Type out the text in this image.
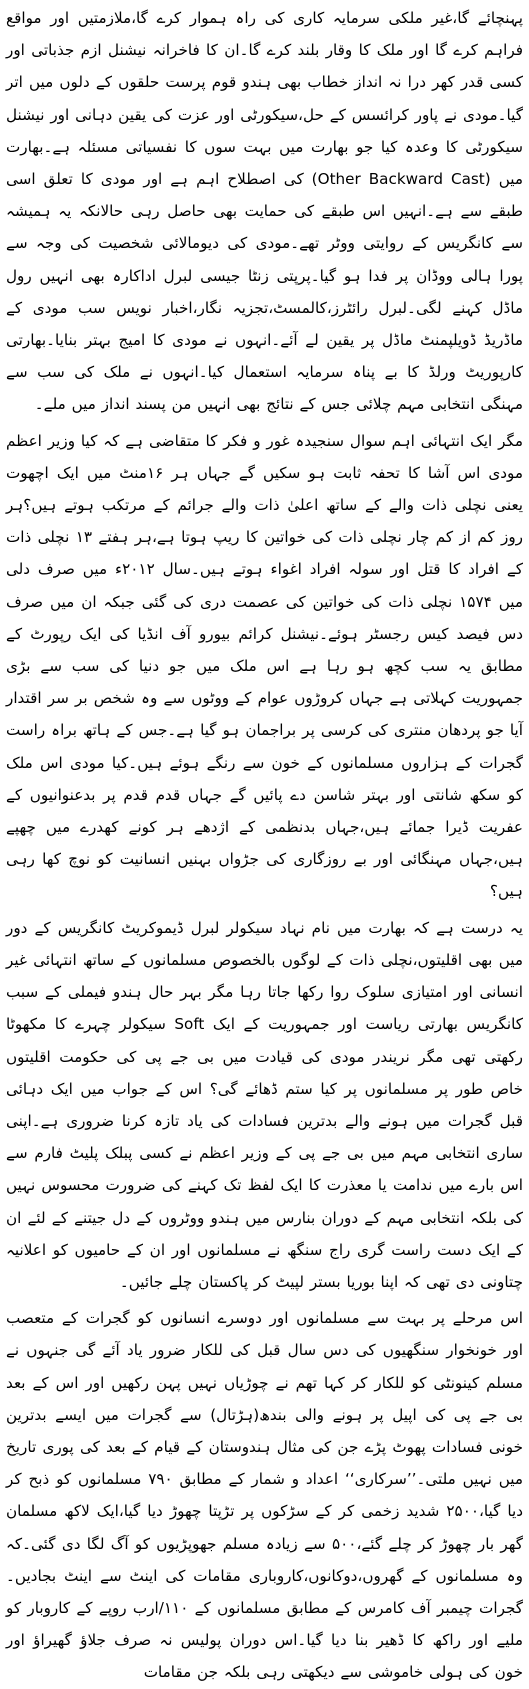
پہنچائے گا،غیر ملکی سرمایہ کاری کی راہ ہموار کرے گا،ملازمتیں اور مواقع فراہم کرے گا اور ملک کا وقار بلند کرے گا۔ان کا فاخرانہ نیشنل ازم جذباتی اور کسی قدر کھر درا نہ انداز خطاب بھی ہندو قوم پرست حلقوں کے دلوں میں اتر گیا۔مودی نے پاور کرائسس کے حل،سیکورٹی اور عزت کی یقین دہانی اور نیشنل سیکورٹی کا وعدہ کیا جو بھارت میں بہت سوں کا نفسیاتی مسئلہ ہے۔بھارت میں (Other Backward Cast) کی اصطلاح اہم ہے اور مودی کا تعلق اسی طبقے سے ہے۔انہیں اس طبقے کی حمایت بھی حاصل رہی حالانکہ یہ ہمیشہ سے کانگریس کے روایتی ووٹر تھے۔مودی کی دیومالائی شخصیت کی وجہ سے پورا ہالی ووڈان پر فدا ہو گیا۔پرپتی زنٹا جیسی لبرل اداکارہ بھی انہیں رول ماڈل کہنے لگی۔لبرل رائٹرز،کالمسٹ،تجزیہ نگار،اخبار نویس سب مودی کے ماڈریڈ ڈویلپمنٹ ماڈل پر یقین لے آئے۔انہوں نے مودی کا امیج بہتر بنایا۔بھارتی کارپوریٹ ورلڈ کا بے پناہ سرمایہ استعمال کیا۔انہوں نے ملک کی سب سے مہنگی انتخابی مہم چلائی جس کے نتائج بھی انہیں من پسند انداز میں ملے۔

مگر ایک انتہائی اہم سوال سنجیدہ غور و فکر کا متقاضی ہے کہ کیا وزیر اعظم مودی اس آشا کا تحفہ ثابت ہو سکیں گے جہاں ہر ۱۶منٹ میں ایک اچھوت یعنی نچلی ذات والے کے ساتھ اعلیٰ ذات والے جرائم کے مرتکب ہوتے ہیں؟ہر روز کم از کم چار نچلی ذات کی خواتین کا ریپ ہوتا ہے،ہر ہفتے ۱۳ نچلی ذات کے افراد کا قتل اور سولہ افراد اغواء ہوتے ہیں۔سال ۲۰۱۲ء میں صرف دلی میں ۱۵۷۴ نچلی ذات کی خواتین کی عصمت دری کی گئی جبکہ ان میں صرف دس فیصد کیس رجسٹر ہوئے۔نیشنل کرائم بیورو آف انڈیا کی ایک رپورٹ کے مطابق یہ سب کچھ ہو رہا ہے اس ملک میں جو دنیا کی سب سے بڑی جمہوریت کہلاتی ہے جہاں کروڑوں عوام کے ووٹوں سے وہ شخص بر سر اقتدار آیا جو پردھان منتری کی کرسی پر براجمان ہو گیا ہے۔جس کے ہاتھ براہ راست گجرات کے ہزاروں مسلمانوں کے خون سے رنگے ہوئے ہیں۔کیا مودی اس ملک کو سکھ شانتی اور بہتر شاسن دے پائیں گے جہاں قدم قدم پر بدعنوانیوں کے عفریت ڈیرا جمائے ہیں،جہاں بدنظمی کے اژدھے ہر کونے کھدرے میں چھپے ہیں،جہاں مہنگائی اور بے روزگاری کی جڑواں بہنیں انسانیت کو نوچ کھا رہی ہیں؟

یہ درست ہے کہ بھارت میں نام نہاد سیکولر لبرل ڈیموکریٹ کانگریس کے دور میں بھی اقلیتوں،نچلی ذات کے لوگوں بالخصوص مسلمانوں کے ساتھ انتہائی غیر انسانی اور امتیازی سلوک روا رکھا جاتا رہا مگر بہر حال ہندو فیملی کے سبب کانگریس بھارتی ریاست اور جمہوریت کے ایک Soft سیکولر چہرے کا مکھوٹا رکھتی تھی مگر نریندر مودی کی قیادت میں بی جے پی کی حکومت اقلیتوں خاص طور پر مسلمانوں پر کیا ستم ڈھائے گی؟ اس کے جواب میں ایک دہائی قبل گجرات میں ہونے والے بدترین فسادات کی یاد تازہ کرنا ضروری ہے۔اپنی ساری انتخابی مہم میں بی جے پی کے وزیر اعظم نے کسی پبلک پلیٹ فارم سے اس بارے میں ندامت یا معذرت کا ایک لفظ تک کہنے کی ضرورت محسوس نہیں کی بلکہ انتخابی مہم کے دوران بنارس میں ہندو ووٹروں کے دل جیتنے کے لئے ان کے ایک دست راست گری راج سنگھ نے مسلمانوں اور ان کے حامیوں کو اعلانیہ چتاونی دی تھی کہ اپنا بوریا بستر لپیٹ کر پاکستان چلے جائیں۔

اس مرحلے پر بہت سے مسلمانوں اور دوسرے انسانوں کو گجرات کے متعصب اور خونخوار سنگھیوں کی دس سال قبل کی للکار ضرور یاد آئے گی جنہوں نے مسلم کینونٹی کو للکار کر کہا تھم نے چوڑیاں نہیں پہن رکھیں اور اس کے بعد بی جے پی کی اپیل پر ہونے والی بندھ(ہڑتال) سے گجرات میں ایسے بدترین خونی فسادات پھوٹ پڑے جن کی مثال ہندوستان کے قیام کے بعد کی پوری تاریخ میں نہیں ملتی۔’’سرکاری‘‘ اعداد و شمار کے مطابق ۷۹۰ مسلمانوں کو ذبح کر دیا گیا،۲۵۰۰ شدید زخمی کر کے سڑکوں پر تڑپتا چھوڑ دیا گیا،ایک لاکھ مسلمان گھر بار چھوڑ کر چلے گئے،۵۰۰ سے زیادہ مسلم جھوپڑیوں کو آگ لگا دی گئی۔کہ وہ مسلمانوں کے گھروں،دوکانوں،کاروباری مقامات کی اینٹ سے اینٹ بجادیں۔گجرات چیمبر آف کامرس کے مطابق مسلمانوں کے ۱۱۰/ارب روپے کے کاروبار کو ملیے اور راکھ کا ڈھیر بنا دیا گیا۔اس دوران پولیس نہ صرف جلاؤ گھیراؤ اور خون کی ہولی خاموشی سے دیکھتی رہی بلکہ جن مقامات
